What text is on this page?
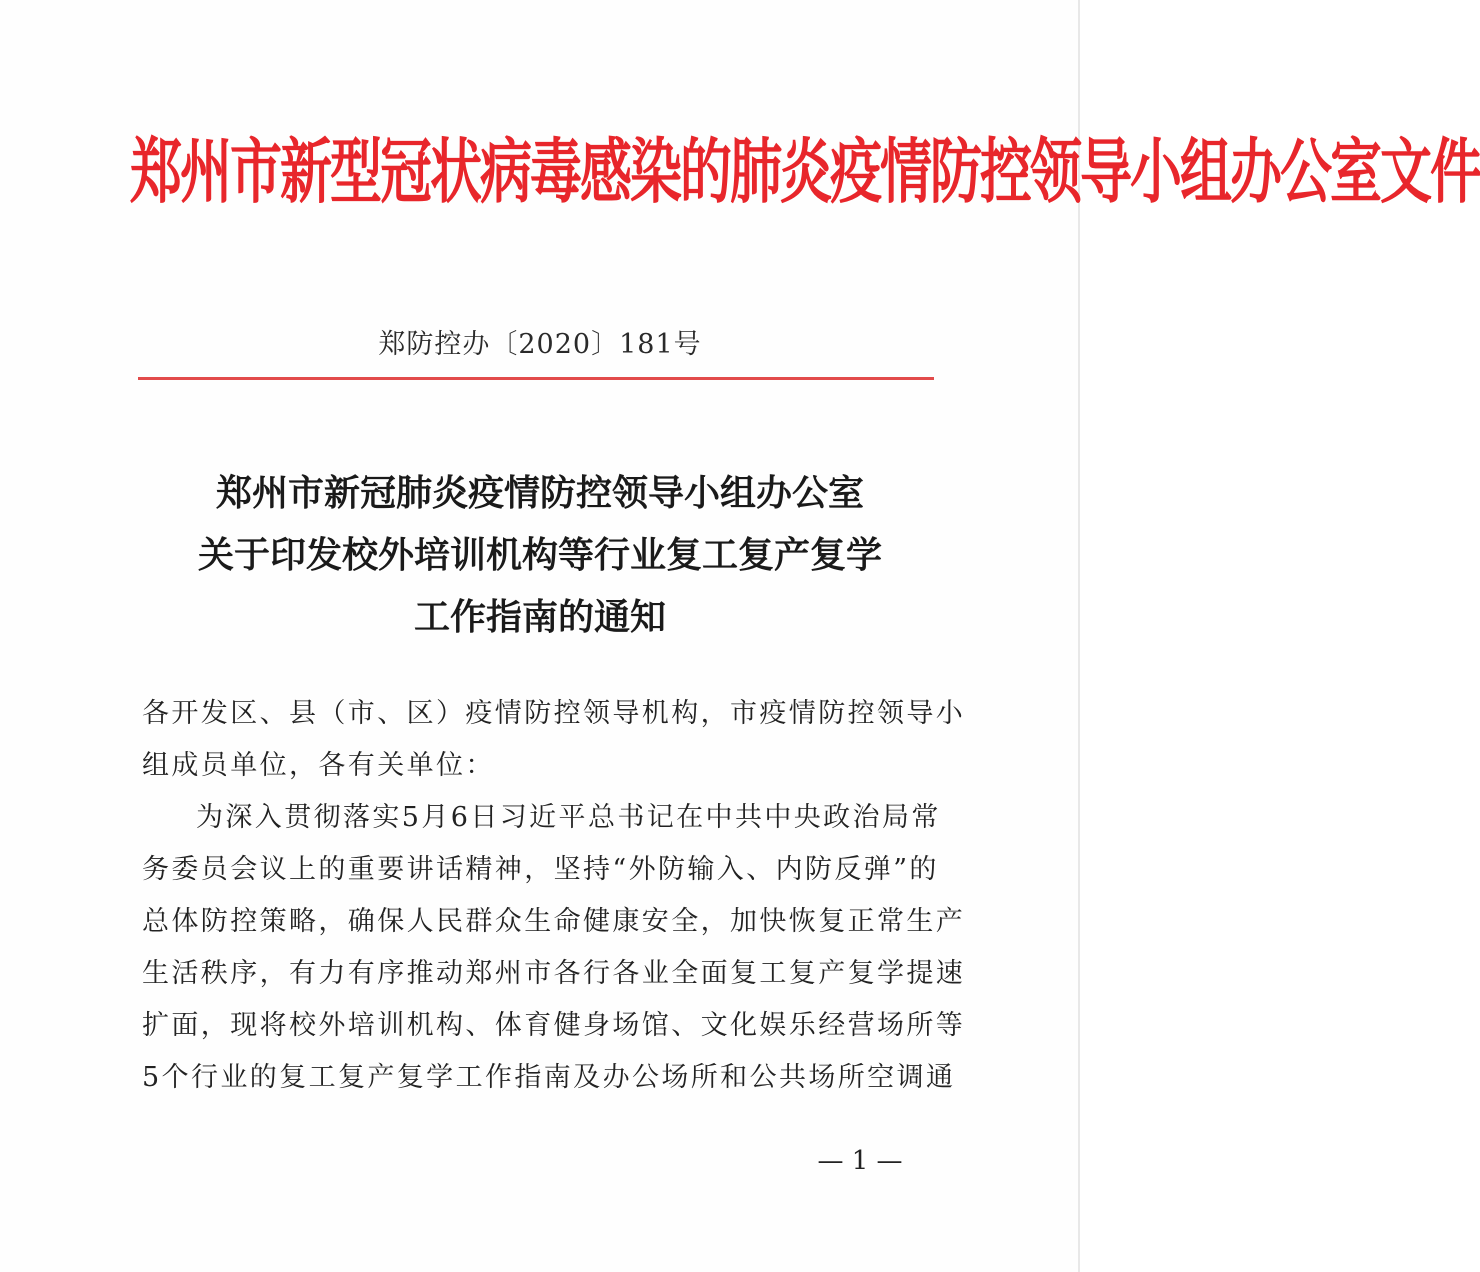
郑州市新型冠状病毒感染的肺炎疫情防控领导小组办公室文件
郑防控办〔2020〕181号
郑州市新冠肺炎疫情防控领导小组办公室
关于印发校外培训机构等行业复工复产复学
工作指南的通知

各开发区、县（市、区）疫情防控领导机构，市疫情防控领导小

组成员单位，各有关单位：

为深入贯彻落实5月6日习近平总书记在中共中央政治局常

务委员会议上的重要讲话精神，坚持“外防输入、内防反弹”的

总体防控策略，确保人民群众生命健康安全，加快恢复正常生产

生活秩序，有力有序推动郑州市各行各业全面复工复产复学提速

扩面，现将校外培训机构、体育健身场馆、文化娱乐经营场所等

5个行业的复工复产复学工作指南及办公场所和公共场所空调通

— 1 —
